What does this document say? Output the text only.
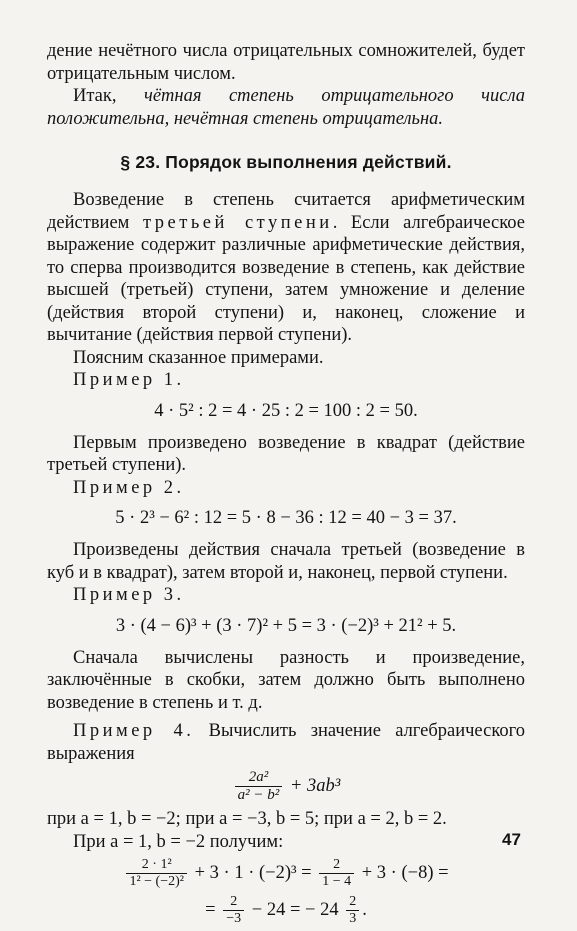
дение нечётного числа отрицательных сомножителей, будет отрицательным числом.

Итак, чётная степень отрицательного числа положительна, нечётная степень отрицательна.

§ 23. Порядок выполнения действий.

Возведение в степень считается арифметическим действием третьей ступени. Если алгебраическое выражение содержит различные арифметические действия, то сперва производится возведение в степень, как действие высшей (третьей) ступени, затем умножение и деление (действия второй ступени) и, наконец, сложение и вычитание (действия первой ступени).

Поясним сказанное примерами.

Пример 1.

4 · 5² : 2 = 4 · 25 : 2 = 100 : 2 = 50.

Первым произведено возведение в квадрат (действие третьей ступени).

Пример 2.

5 · 2³ − 6² : 12 = 5 · 8 − 36 : 12 = 40 − 3 = 37.

Произведены действия сначала третьей (возведение в куб и в квадрат), затем второй и, наконец, первой ступени.

Пример 3.

3 · (4 − 6)³ + (3 · 7)² + 5 = 3 · (−2)³ + 21² + 5.

Сначала вычислены разность и произведение, заключённые в скобки, затем должно быть выполнено возведение в степень и т. д.

Пример 4. Вычислить значение алгебраического выражения

$\frac{\text{2a²}}{\text{a² − b²}} + 3ab^3$

при a = 1, b = −2; при a = −3, b = 5; при a = 2, b = 2.

При a = 1, b = −2 получим:

$\frac{\text{2 · 1²}}{\text{1² − (−2)²}} + 3 \cdot 1 \cdot (-2)^3 = \frac{2}{1 - 4} + 3 \cdot (-8)$ =
= $\frac{2}{-3} - 24$ = − $24 \frac{2}{3}$ .
47
